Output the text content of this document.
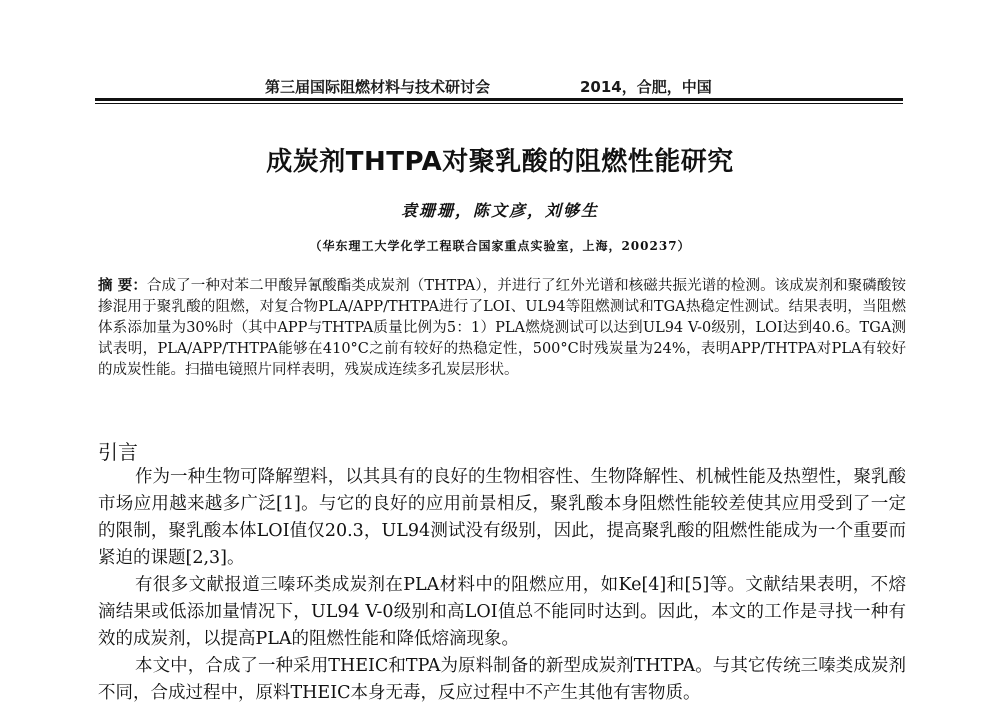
第三届国际阻燃材料与技术研讨会	2014，合肥，中国
成炭剂THTPA对聚乳酸的阻燃性能研究
袁珊珊，陈文彦，刘够生
（华东理工大学化学工程联合国家重点实验室，上海，200237）
摘 要：合成了一种对苯二甲酸异氰酸酯类成炭剂（THTPA），并进行了红外光谱和核磁共振光谱的检测。该成炭剂和聚磷酸铵掺混用于聚乳酸的阻燃，对复合物PLA/APP/THTPA进行了LOI、UL94等阻燃测试和TGA热稳定性测试。结果表明，当阻燃体系添加量为30%时（其中APP与THTPA质量比例为5：1）PLA燃烧测试可以达到UL94 V-0级别，LOI达到40.6。TGA测试表明，PLA/APP/THTPA能够在410°C之前有较好的热稳定性，500°C时残炭量为24%，表明APP/THTPA对PLA有较好的成炭性能。扫描电镜照片同样表明，残炭成连续多孔炭层形状。
引言

作为一种生物可降解塑料，以其具有的良好的生物相容性、生物降解性、机械性能及热塑性，聚乳酸市场应用越来越多广泛[1]。与它的良好的应用前景相反，聚乳酸本身阻燃性能较差使其应用受到了一定的限制，聚乳酸本体LOI值仅20.3，UL94测试没有级别，因此，提高聚乳酸的阻燃性能成为一个重要而紧迫的课题[2,3]。

有很多文献报道三嗪环类成炭剂在PLA材料中的阻燃应用，如Ke[4]和[5]等。文献结果表明，不熔滴结果或低添加量情况下，UL94 V-0级别和高LOI值总不能同时达到。因此，本文的工作是寻找一种有效的成炭剂，以提高PLA的阻燃性能和降低熔滴现象。

本文中，合成了一种采用THEIC和TPA为原料制备的新型成炭剂THTPA。与其它传统三嗪类成炭剂不同，合成过程中，原料THEIC本身无毒，反应过程中不产生其他有害物质。
